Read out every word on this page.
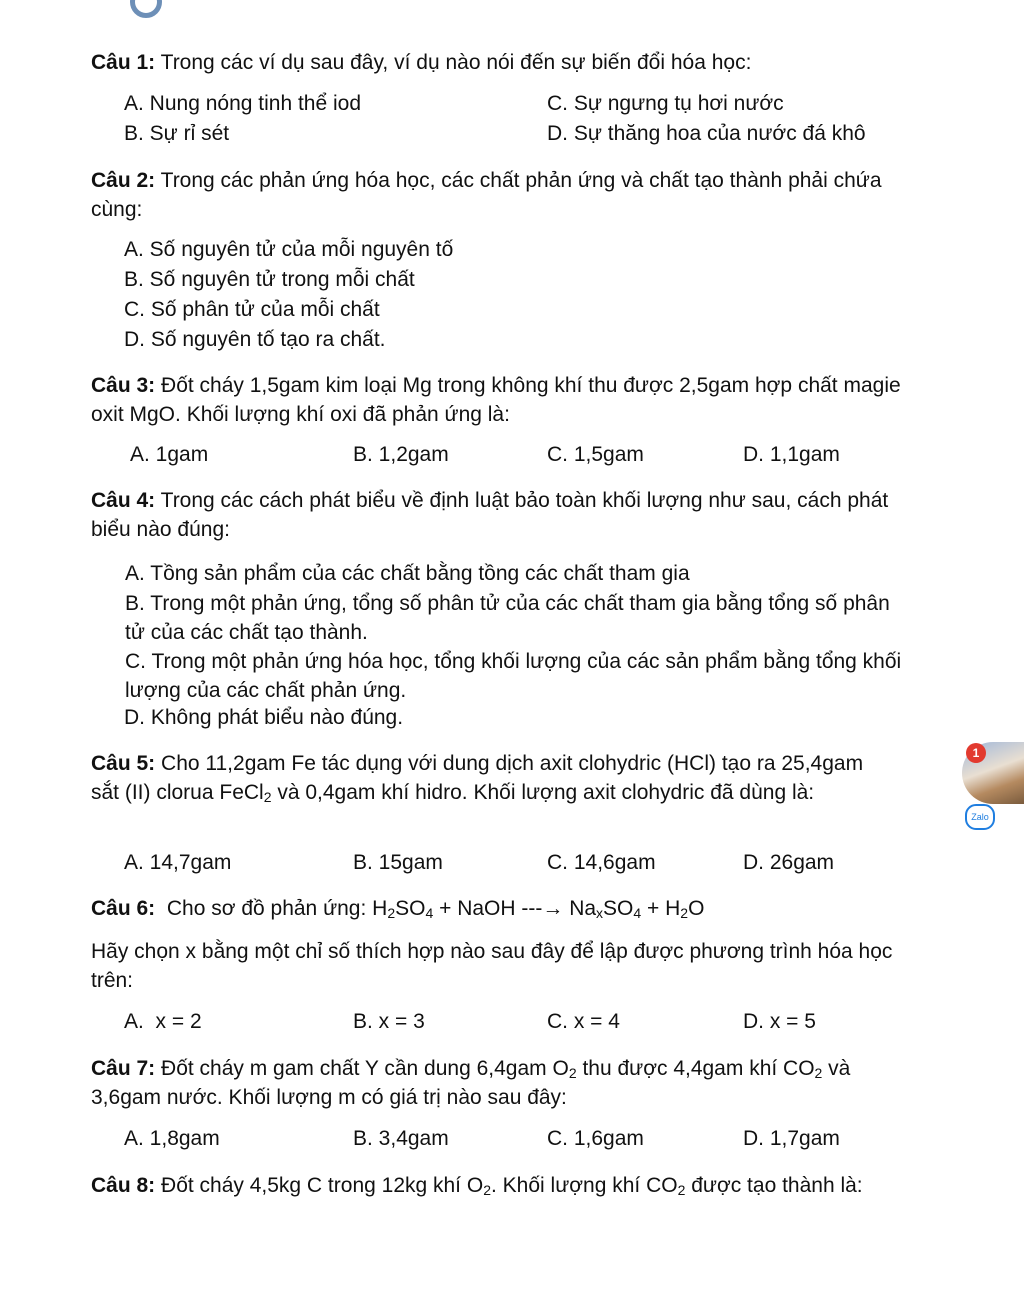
Câu 1: Trong các ví dụ sau đây, ví dụ nào nói đến sự biến đổi hóa học:
A. Nung nóng tinh thể iod
B. Sự rỉ sét
C. Sự ngưng tụ hơi nước
D. Sự thăng hoa của nước đá khô
Câu 2: Trong các phản ứng hóa học, các chất phản ứng và chất tạo thành phải chứa cùng:
A. Số nguyên tử của mỗi nguyên tố
B. Số nguyên tử trong mỗi chất
C. Số phân tử của mỗi chất
D. Số nguyên tố tạo ra chất.
Câu 3: Đốt cháy 1,5gam kim loại Mg trong không khí thu được 2,5gam hợp chất magie oxit MgO. Khối lượng khí oxi đã phản ứng là:
A. 1gam	B. 1,2gam	C. 1,5gam	D. 1,1gam
Câu 4: Trong các cách phát biểu về định luật bảo toàn khối lượng như sau, cách phát biểu nào đúng:
A. Tồng sản phẩm của các chất bằng tồng các chất tham gia
B. Trong một phản ứng, tổng số phân tử của các chất tham gia bằng tổng số phân tử của các chất tạo thành.
C. Trong một phản ứng hóa học, tổng khối lượng của các sản phẩm bằng tổng khối lượng của các chất phản ứng.
D. Không phát biểu nào đúng.
Câu 5: Cho 11,2gam Fe tác dụng với dung dịch axit clohydric (HCl) tạo ra 25,4gam sắt (II) clorua FeCl$_2$ và 0,4gam khí hidro. Khối lượng axit clohydric đã dùng là:
A. 14,7gam	B. 15gam	C. 14,6gam	D. 26gam
Câu 6:  Cho sơ đồ phản ứng: $H_2SO_4$ + NaOH ---→ $Na_xSO_4 + H_2O$
Hãy chọn x bằng một chỉ số thích hợp nào sau đây để lập được phương trình hóa học trên:
A.  x = 2	B. x = 3	C. x = 4	D. x = 5
Câu 7: Đốt cháy m gam chất Y cần dung 6,4gam $O_2$ thu được 4,4gam khí $CO_2$ và 3,6gam nước. Khối lượng m có giá trị nào sau đây:
A. 1,8gam	B. 3,4gam	C. 1,6gam	D. 1,7gam
Câu 8: Đốt cháy 4,5kg C trong 12kg khí $O_2$. Khối lượng khí $CO_2$ được tạo thành là:
1
Zalo
